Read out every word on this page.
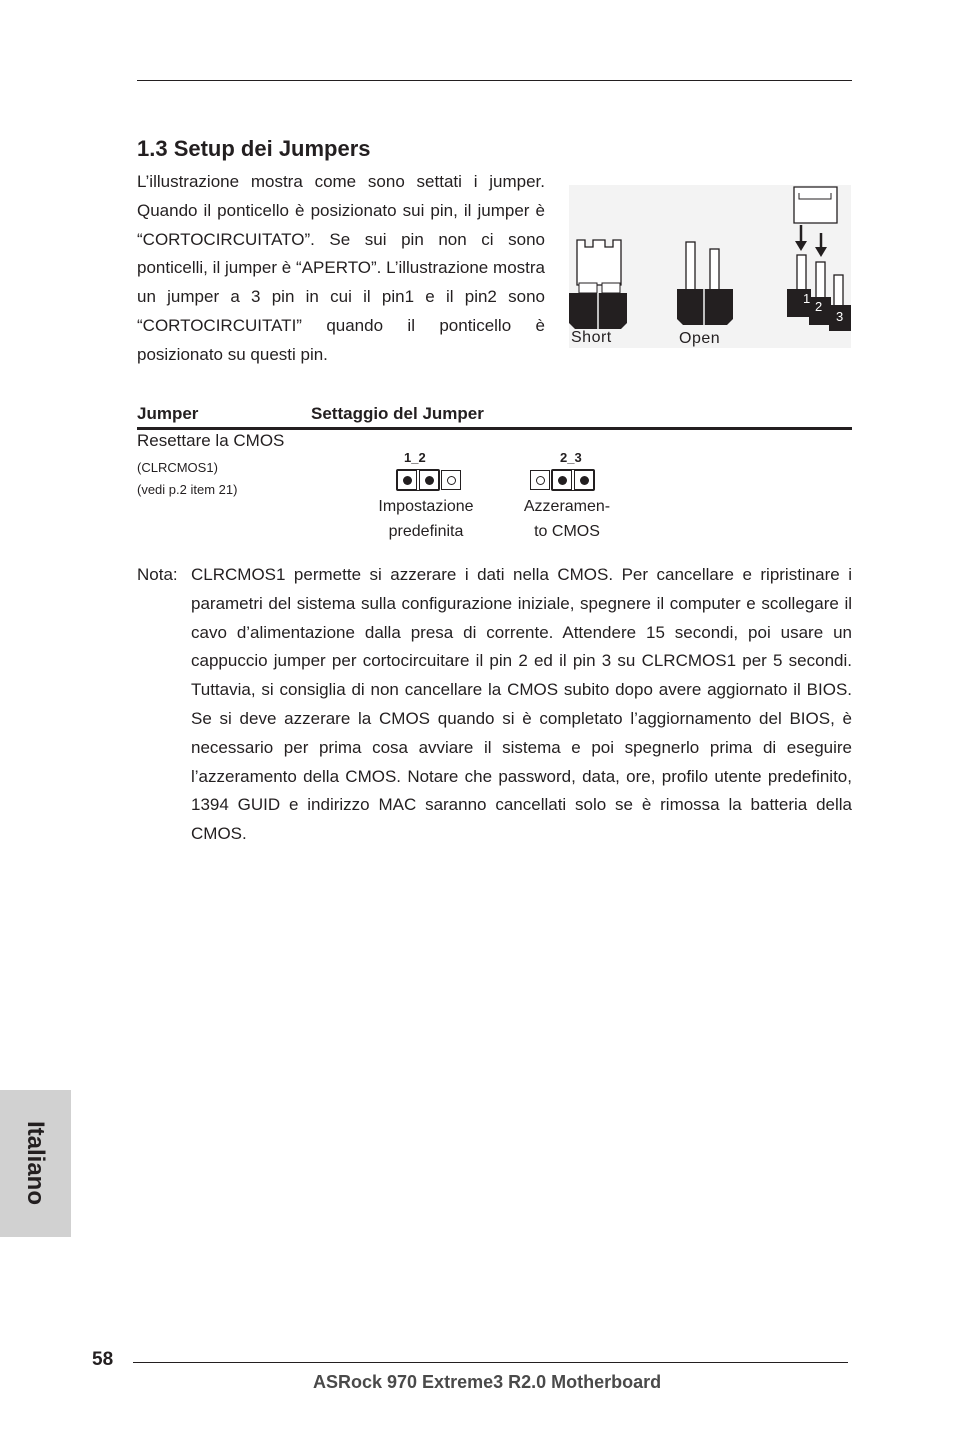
1.3 Setup dei Jumpers

L’illustrazione mostra come sono settati i jumper. Quando il ponticello è posizionato sui pin, il jumper è “CORTOCIRCUITATO”. Se sui pin non ci sono ponticelli, il jumper è “APERTO”. L’illustrazione mostra un jumper a 3 pin in cui il pin1 e il pin2 sono “CORTOCIRCUITATI” quando il ponticello è posizionato su questi pin.

1
2
3
Short	Open
Jumper	Settaggio del Jumper
Resettare la CMOS
(CLRCMOS1)
(vedi p.2 item 21)
1_2
Impostazione
predefinita
2_3
Azzeramen-
to CMOS
Nota: CLRCMOS1 permette si azzerare i dati nella CMOS. Per cancellare e ripristinare i parametri del sistema sulla configurazione iniziale, spegnere il computer e scollegare il cavo d’alimentazione dalla presa di corrente. Attendere 15 secondi, poi usare un cappuccio jumper per cortocircuitare il pin 2 ed il pin 3 su CLRCMOS1 per 5 secondi. Tuttavia, si consiglia di non cancellare la CMOS subito dopo avere aggiornato il BIOS. Se si deve azzerare la CMOS quando si è completato l’aggiornamento del BIOS, è necessario per prima cosa avviare il sistema e poi spegnerlo prima di eseguire l’azzeramento della CMOS. Notare che password, data, ore, profilo utente predefinito, 1394 GUID e indirizzo MAC saranno cancellati solo se è rimossa la batteria della CMOS.

Italiano
58
ASRock 970 Extreme3 R2.0 Motherboard
